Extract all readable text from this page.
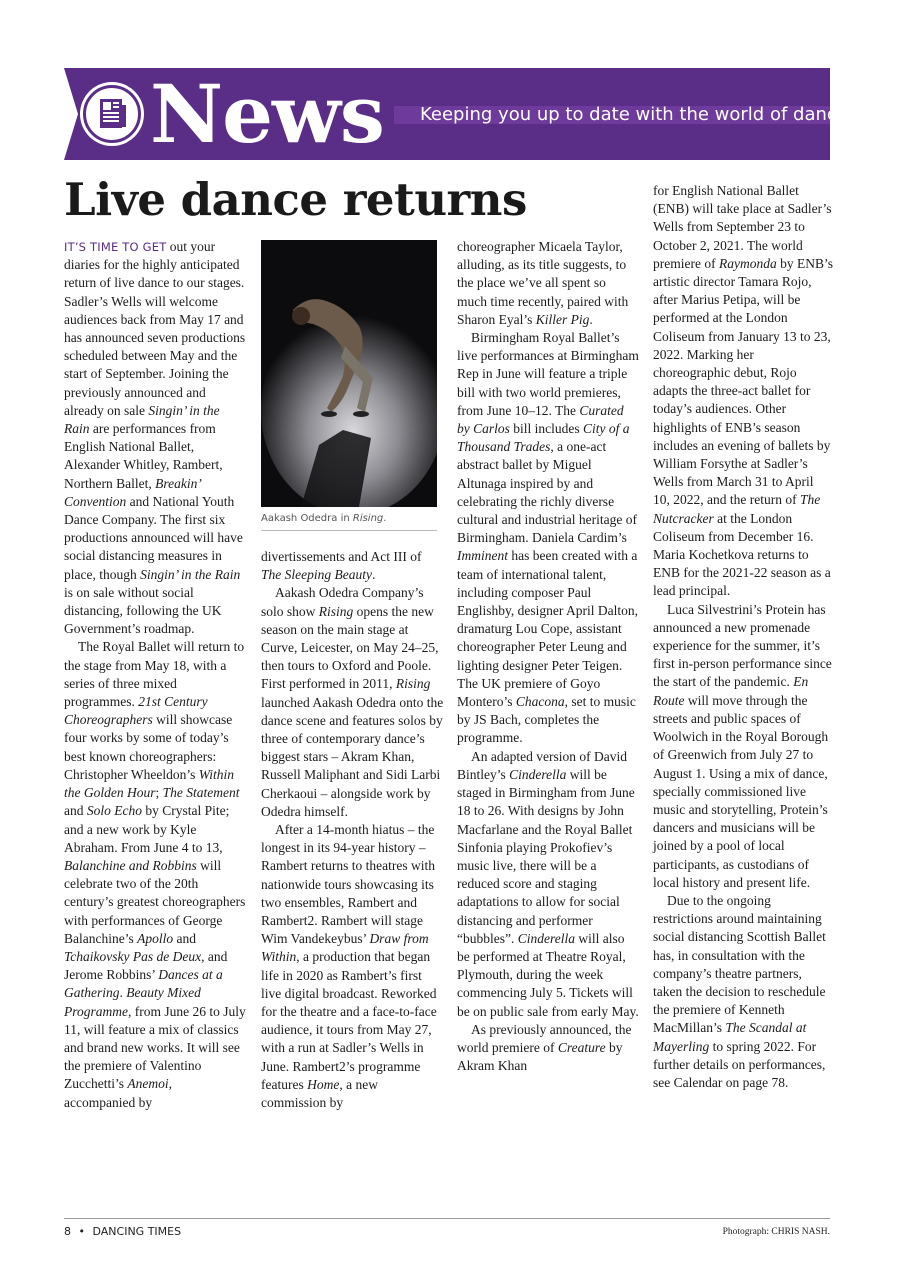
News Keeping you up to date with the world of dance
Live dance returns

IT’S TIME TO GET out your diaries for the highly anticipated return of live dance to our stages. Sadler’s Wells will welcome audiences back from May 17 and has announced seven productions scheduled between May and the start of September. Joining the previously announced and already on sale Singin’ in the Rain are performances from English National Ballet, Alexander Whitley, Rambert, Northern Ballet, Breakin’ Convention and National Youth Dance Company. The first six productions announced will have social distancing measures in place, though Singin’ in the Rain is on sale without social distancing, following the UK Government’s roadmap.

The Royal Ballet will return to the stage from May 18, with a series of three mixed programmes. 21st Century Choreographers will showcase four works by some of today’s best known choreographers: Christopher Wheeldon’s Within the Golden Hour; The Statement and Solo Echo by Crystal Pite; and a new work by Kyle Abraham. From June 4 to 13, Balanchine and Robbins will celebrate two of the 20th century’s greatest choreographers with performances of George Balanchine’s Apollo and Tchaikovsky Pas de Deux, and Jerome Robbins’ Dances at a Gathering. Beauty Mixed Programme, from June 26 to July 11, will feature a mix of classics and brand new works. It will see the premiere of Valentino Zucchetti’s Anemoi, accompanied by

Aakash Odedra in Rising.

divertissements and Act III of The Sleeping Beauty.

Aakash Odedra Company’s solo show Rising opens the new season on the main stage at Curve, Leicester, on May 24–25, then tours to Oxford and Poole. First performed in 2011, Rising launched Aakash Odedra onto the dance scene and features solos by three of contemporary dance’s biggest stars – Akram Khan, Russell Maliphant and Sidi Larbi Cherkaoui – alongside work by Odedra himself.

After a 14-month hiatus – the longest in its 94-year history – Rambert returns to theatres with nationwide tours showcasing its two ensembles, Rambert and Rambert2. Rambert will stage Wim Vandekeybus’ Draw from Within, a production that began life in 2020 as Rambert’s first live digital broadcast. Reworked for the theatre and a face-to-face audience, it tours from May 27, with a run at Sadler’s Wells in June. Rambert2’s programme features Home, a new commission by

choreographer Micaela Taylor, alluding, as its title suggests, to the place we’ve all spent so much time recently, paired with Sharon Eyal’s Killer Pig.

Birmingham Royal Ballet’s live performances at Birmingham Rep in June will feature a triple bill with two world premieres, from June 10–12. The Curated by Carlos bill includes City of a Thousand Trades, a one-act abstract ballet by Miguel Altunaga inspired by and celebrating the richly diverse cultural and industrial heritage of Birmingham. Daniela Cardim’s Imminent has been created with a team of international talent, including composer Paul Englishby, designer April Dalton, dramaturg Lou Cope, assistant choreographer Peter Leung and lighting designer Peter Teigen. The UK premiere of Goyo Montero’s Chacona, set to music by JS Bach, completes the programme.

An adapted version of David Bintley’s Cinderella will be staged in Birmingham from June 18 to 26. With designs by John Macfarlane and the Royal Ballet Sinfonia playing Prokofiev’s music live, there will be a reduced score and staging adaptations to allow for social distancing and performer “bubbles”. Cinderella will also be performed at Theatre Royal, Plymouth, during the week commencing July 5. Tickets will be on public sale from early May.

As previously announced, the world premiere of Creature by Akram Khan

for English National Ballet (ENB) will take place at Sadler’s Wells from September 23 to October 2, 2021. The world premiere of Raymonda by ENB’s artistic director Tamara Rojo, after Marius Petipa, will be performed at the London Coliseum from January 13 to 23, 2022. Marking her choreographic debut, Rojo adapts the three-act ballet for today’s audiences. Other highlights of ENB’s season includes an evening of ballets by William Forsythe at Sadler’s Wells from March 31 to April 10, 2022, and the return of The Nutcracker at the London Coliseum from December 16. Maria Kochetkova returns to ENB for the 2021-22 season as a lead principal.

Luca Silvestrini’s Protein has announced a new promenade experience for the summer, it’s first in-person performance since the start of the pandemic. En Route will move through the streets and public spaces of Woolwich in the Royal Borough of Greenwich from July 27 to August 1. Using a mix of dance, specially commissioned live music and storytelling, Protein’s dancers and musicians will be joined by a pool of local participants, as custodians of local history and present life.

Due to the ongoing restrictions around maintaining social distancing Scottish Ballet has, in consultation with the company’s theatre partners, taken the decision to reschedule the premiere of Kenneth MacMillan’s The Scandal at Mayerling to spring 2022. For further details on performances, see Calendar on page 78.

8 • DANCING TIMES	Photograph: CHRIS NASH.
